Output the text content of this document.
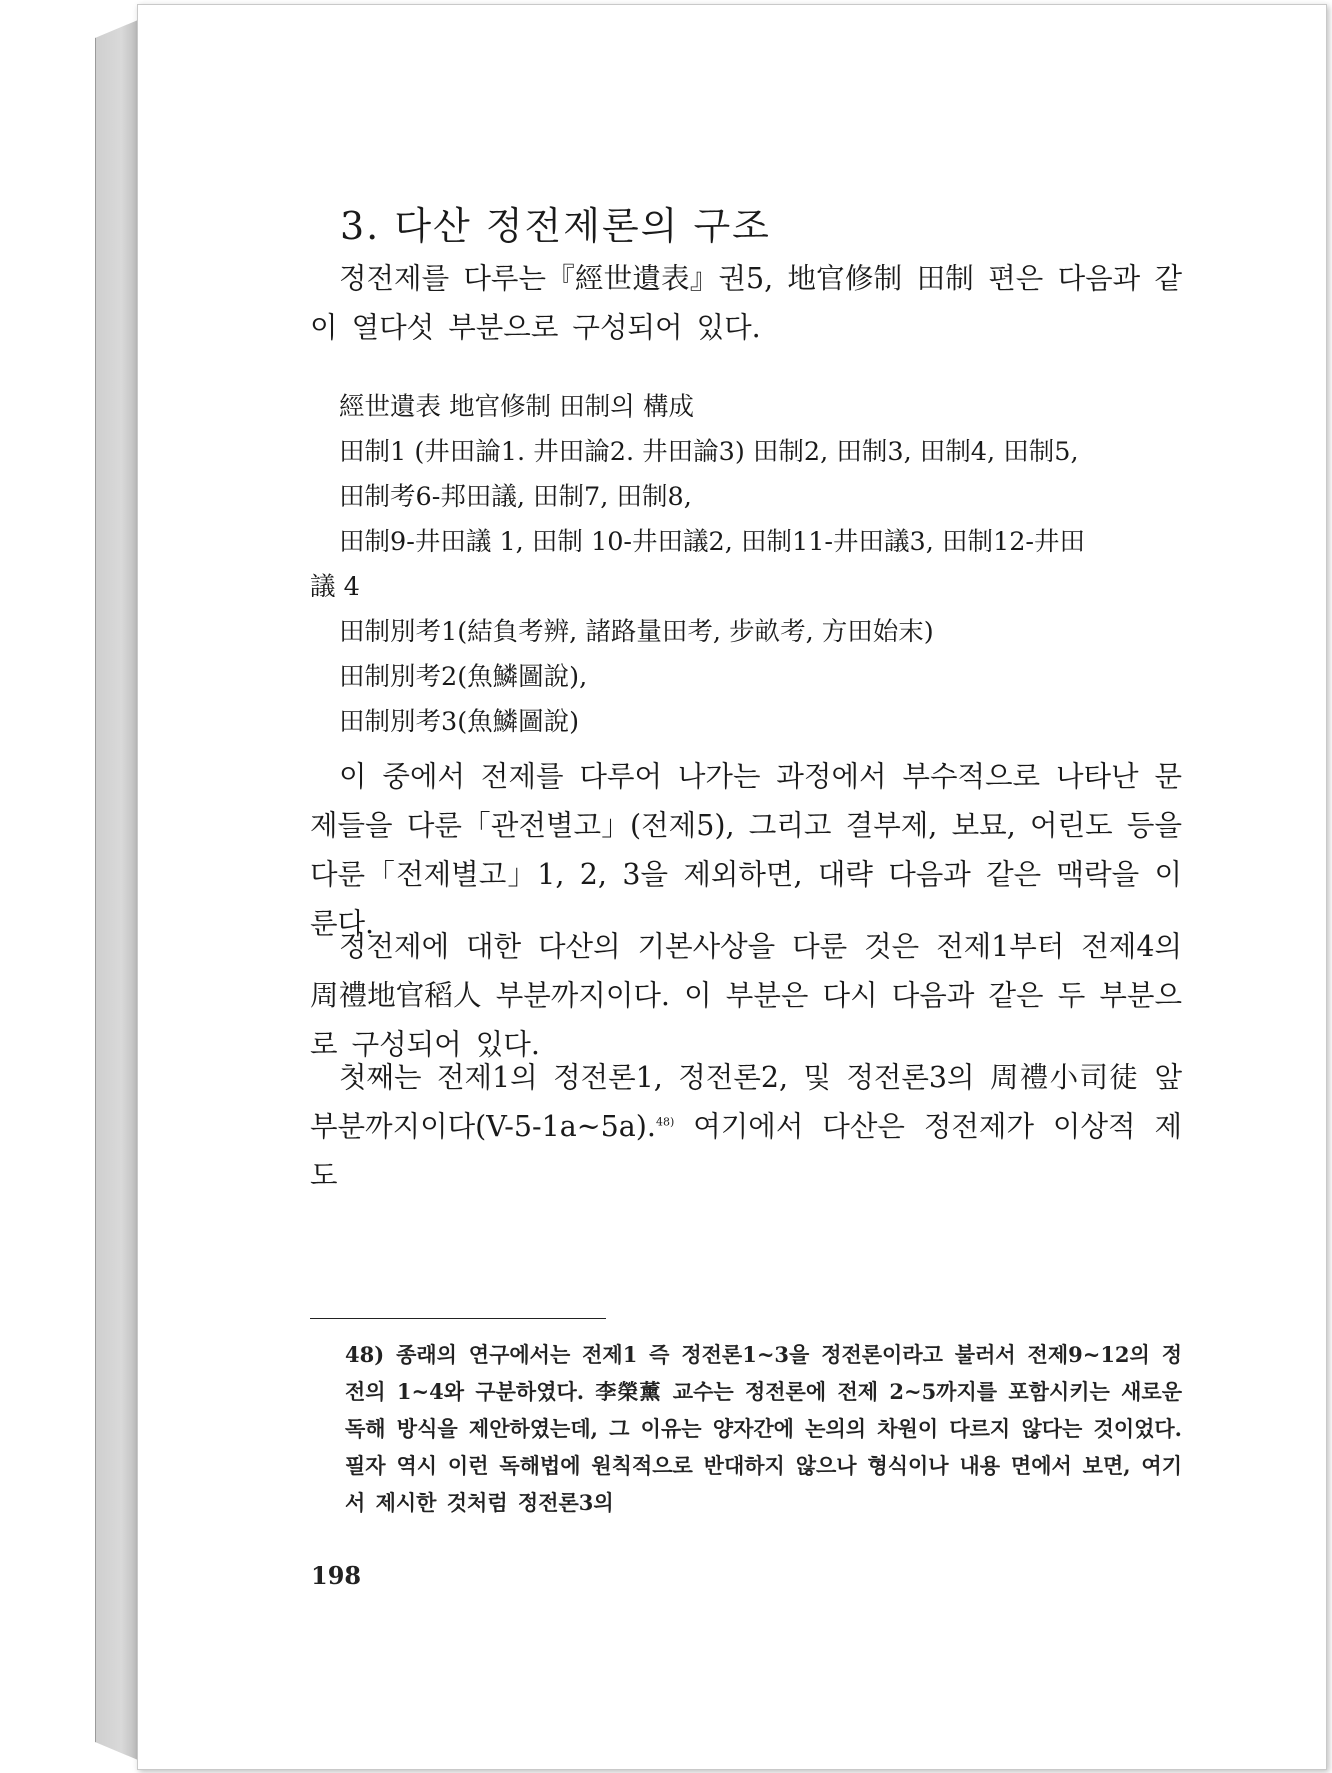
3. 다산 정전제론의 구조
정전제를 다루는『經世遺表』권5, 地官修制 田制 편은 다음과 같이 열다섯 부분으로 구성되어 있다.
經世遺表 地官修制 田制의 構成
田制1 (井田論1. 井田論2. 井田論3) 田制2, 田制3, 田制4, 田制5,
田制考6-邦田議, 田制7, 田制8,
田制9-井田議 1, 田制 10-井田議2, 田制11-井田議3, 田制12-井田
議 4
田制別考1(結負考辨, 諸路量田考, 步畝考, 方田始末)
田制別考2(魚鱗圖說),
田制別考3(魚鱗圖說)
이 중에서 전제를 다루어 나가는 과정에서 부수적으로 나타난 문제들을 다룬「관전별고」(전제5), 그리고 결부제, 보묘, 어린도 등을 다룬「전제별고」1, 2, 3을 제외하면, 대략 다음과 같은 맥락을 이룬다.
정전제에 대한 다산의 기본사상을 다룬 것은 전제1부터 전제4의 周禮地官稻人 부분까지이다. 이 부분은 다시 다음과 같은 두 부분으로 구성되어 있다.
첫째는 전제1의 정전론1, 정전론2, 및 정전론3의 周禮小司徒 앞부분까지이다(V-5-1a~5a).$^{48)}$ 여기에서 다산은 정전제가 이상적 제도
48) 종래의 연구에서는 전제1 즉 정전론1~3을 정전론이라고 불러서 전제9~12의 정전의 1~4와 구분하였다. 李榮薰 교수는 정전론에 전제 2~5까지를 포함시키는 새로운 독해 방식을 제안하였는데, 그 이유는 양자간에 논의의 차원이 다르지 않다는 것이었다. 필자 역시 이런 독해법에 원칙적으로 반대하지 않으나 형식이나 내용 면에서 보면, 여기서 제시한 것처럼 정전론3의
198
